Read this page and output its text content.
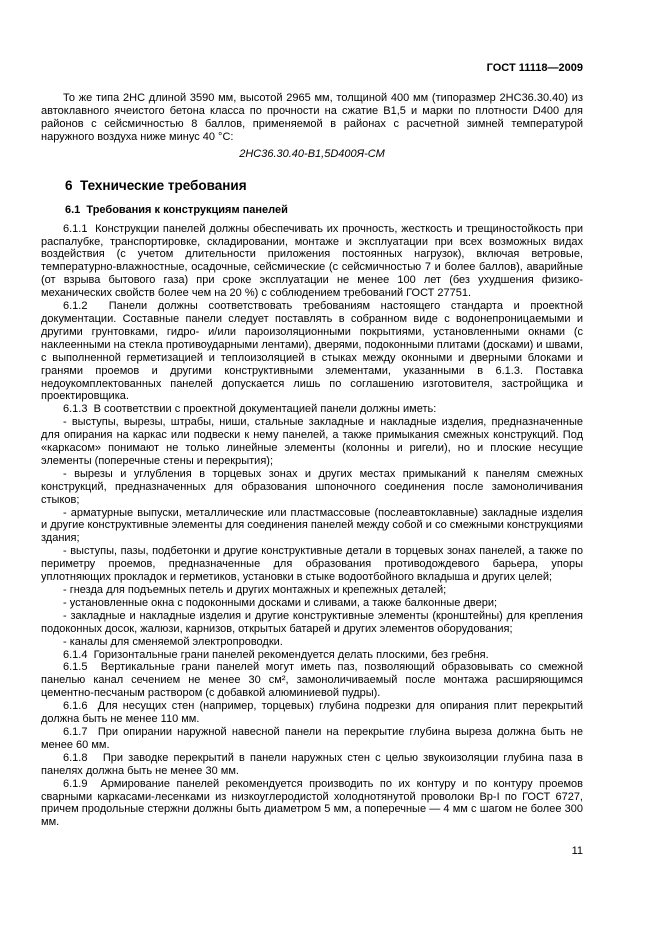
ГОСТ 11118—2009

То же типа 2НС длиной 3590 мм, высотой 2965 мм, толщиной 400 мм (типоразмер 2НС36.30.40) из автоклавного ячеистого бетона класса по прочности на сжатие В1,5 и марки по плотности D400 для районов с сейсмичностью 8 баллов, применяемой в районах с расчетной зимней температурой наружного воздуха ниже минус 40 °С:

2НС36.30.40-В1,5D400Я-СМ

6  Технические требования
6.1  Требования к конструкциям панелей

6.1.1  Конструкции панелей должны обеспечивать их прочность, жесткость и трещиностойкость при распалубке, транспортировке, складировании, монтаже и эксплуатации при всех возможных видах воздействия (с учетом длительности приложения постоянных нагрузок), включая ветровые, температурно-влажностные, осадочные, сейсмические (с сейсмичностью 7 и более баллов), аварийные (от взрыва бытового газа) при сроке эксплуатации не менее 100 лет (без ухудшения физико-механических свойств более чем на 20 %) с соблюдением требований ГОСТ 27751.

6.1.2  Панели должны соответствовать требованиям настоящего стандарта и проектной документации. Составные панели следует поставлять в собранном виде с водонепроницаемыми и другими грунтовками, гидро- и/или пароизоляционными покрытиями, установленными окнами (с наклеенными на стекла противоударными лентами), дверями, подоконными плитами (досками) и швами, с выполненной герметизацией и теплоизоляцией в стыках между оконными и дверными блоками и гранями проемов и другими конструктивными элементами, указанными в 6.1.3. Поставка недоукомплектованных панелей допускается лишь по соглашению изготовителя, застройщика и проектировщика.

6.1.3  В соответствии с проектной документацией панели должны иметь:

- выступы, вырезы, штрабы, ниши, стальные закладные и накладные изделия, предназначенные для опирания на каркас или подвески к нему панелей, а также примыкания смежных конструкций. Под «каркасом» понимают не только линейные элементы (колонны и ригели), но и плоские несущие элементы (поперечные стены и перекрытия);

- вырезы и углубления в торцевых зонах и других местах примыканий к панелям смежных конструкций, предназначенных для образования шпоночного соединения после замоноличивания стыков;

- арматурные выпуски, металлические или пластмассовые (послеавтоклавные) закладные изделия и другие конструктивные элементы для соединения панелей между собой и со смежными конструкциями здания;

- выступы, пазы, подбетонки и другие конструктивные детали в торцевых зонах панелей, а также по периметру проемов, предназначенные для образования противодождевого барьера, упоры уплотняющих прокладок и герметиков, установки в стыке водоотбойного вкладыша и других целей;

- гнезда для подъемных петель и других монтажных и крепежных деталей;

- установленные окна с подоконными досками и сливами, а также балконные двери;

- закладные и накладные изделия и другие конструктивные элементы (кронштейны) для крепления подоконных досок, жалюзи, карнизов, открытых батарей и других элементов оборудования;

- каналы для сменяемой электропроводки.

6.1.4  Горизонтальные грани панелей рекомендуется делать плоскими, без гребня.

6.1.5  Вертикальные грани панелей могут иметь паз, позволяющий образовывать со смежной панелью канал сечением не менее 30 см², замоноличиваемый после монтажа расширяющимся цементно-песчаным раствором (с добавкой алюминиевой пудры).

6.1.6  Для несущих стен (например, торцевых) глубина подрезки для опирания плит перекрытий должна быть не менее 110 мм.

6.1.7  При опирании наружной навесной панели на перекрытие глубина выреза должна быть не менее 60 мм.

6.1.8   При заводке перекрытий в панели наружных стен с целью звукоизоляции глубина паза в панелях должна быть не менее 30 мм.

6.1.9  Армирование панелей рекомендуется производить по их контуру и по контуру проемов сварными каркасами-лесенками из низкоуглеродистой холоднотянутой проволоки Вр-I по ГОСТ 6727, причем продольные стержни должны быть диаметром 5 мм, а поперечные — 4 мм с шагом не более 300 мм.

11
